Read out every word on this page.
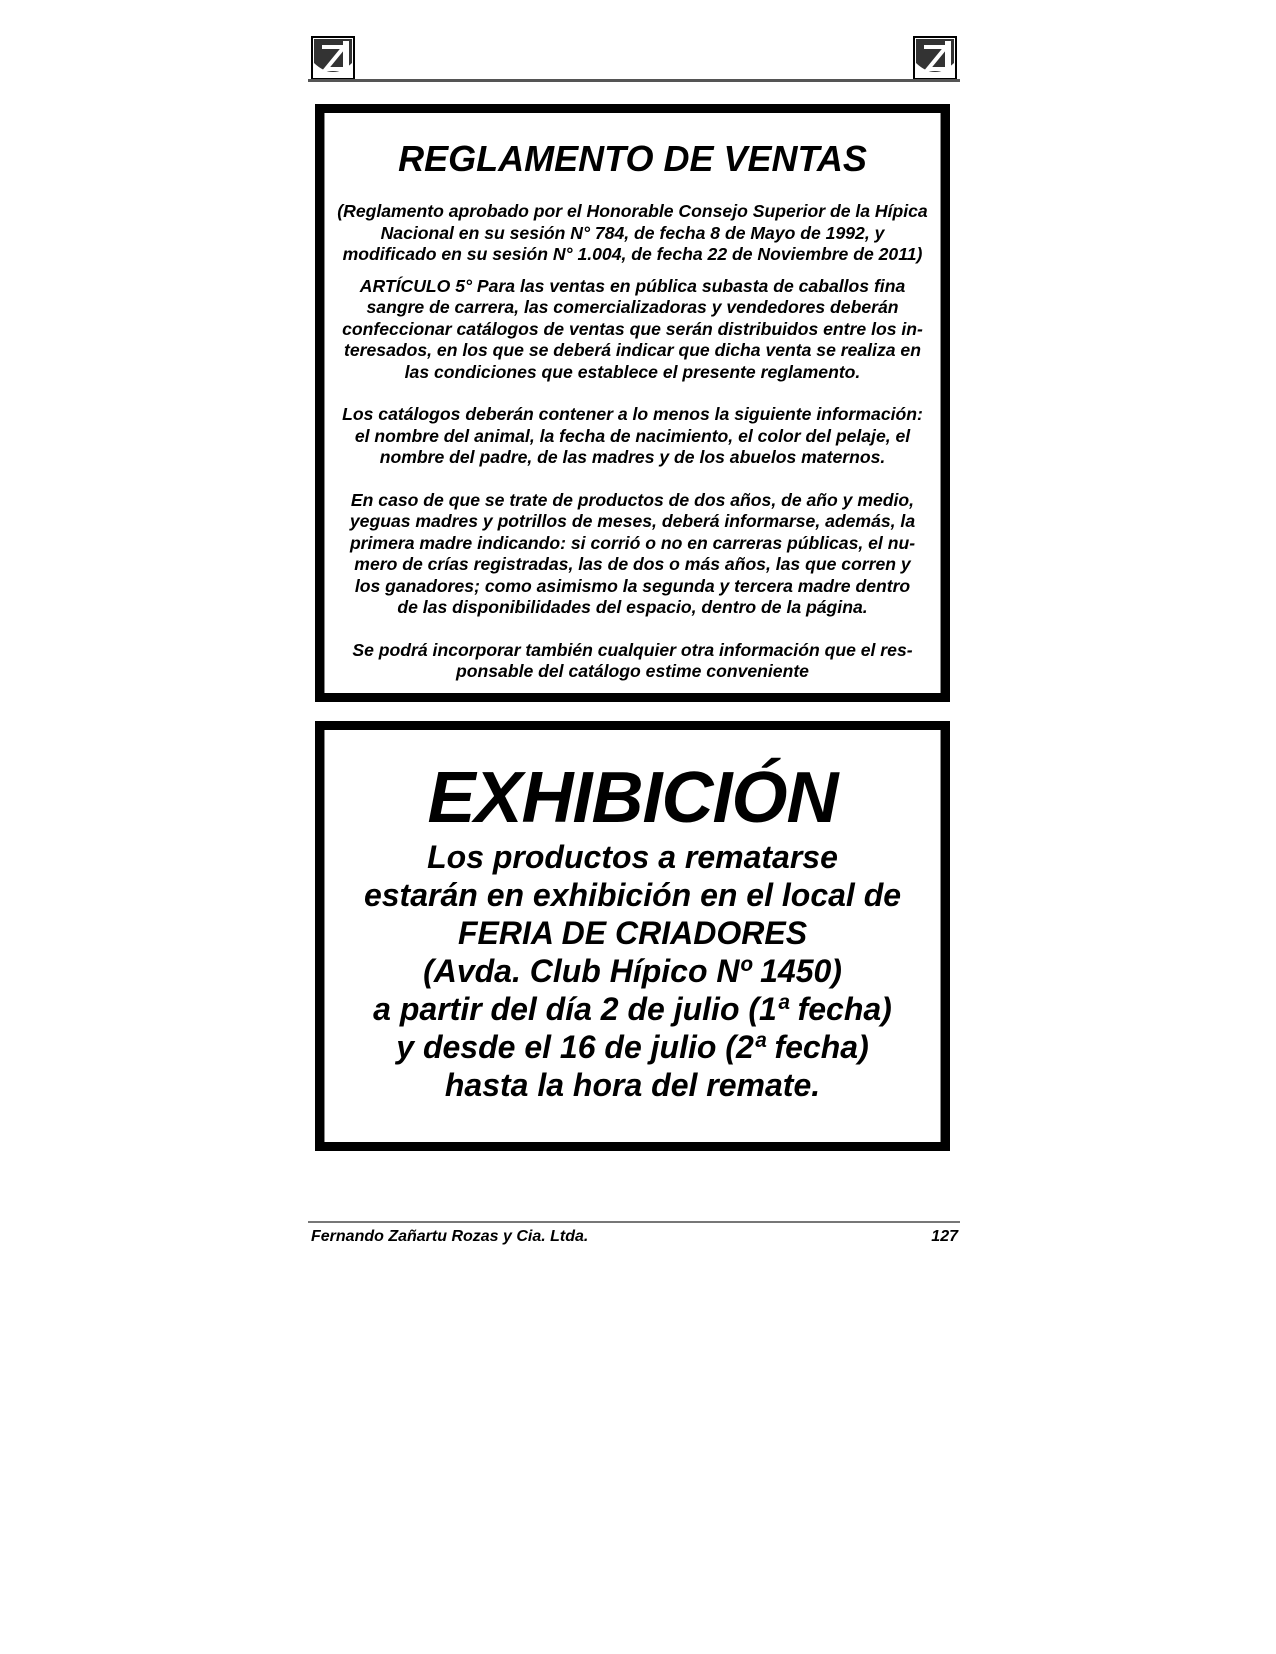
REGLAMENTO DE VENTAS
(Reglamento aprobado por el Honorable Consejo Superior de la Hípica Nacional en su sesión N° 784, de fecha 8 de Mayo de 1992, y modificado en su sesión N° 1.004, de fecha 22 de Noviembre de 2011)
ARTÍCULO 5° Para las ventas en pública subasta de caballos fina
sangre de carrera, las comercializadoras y vendedores deberán
confeccionar catálogos de ventas que serán distribuidos entre los in-
teresados, en los que se deberá indicar que dicha venta se realiza en
las condiciones que establece el presente reglamento.
Los catálogos deberán contener a lo menos la siguiente información:
el nombre del animal, la fecha de nacimiento, el color del pelaje, el
nombre del padre, de las madres y de los abuelos maternos.
En caso de que se trate de productos de dos años, de año y medio,
yeguas madres y potrillos de meses, deberá informarse, además, la
primera madre indicando: si corrió o no en carreras públicas, el nu-
mero de crías registradas, las de dos o más años, las que corren y
los ganadores; como asimismo la segunda y tercera madre dentro
de las disponibilidades del espacio, dentro de la página.
Se podrá incorporar también cualquier otra información que el res-
ponsable del catálogo estime conveniente
EXHIBICIÓN
Los productos a rematarse
estarán en exhibición en el local de
FERIA DE CRIADORES
(Avda. Club Hípico Nº 1450)
a partir del día 2 de julio (1ª fecha)
y desde el 16 de julio (2ª fecha)
hasta la hora del remate.
Fernando Zañartu Rozas y Cia. Ltda.	127
